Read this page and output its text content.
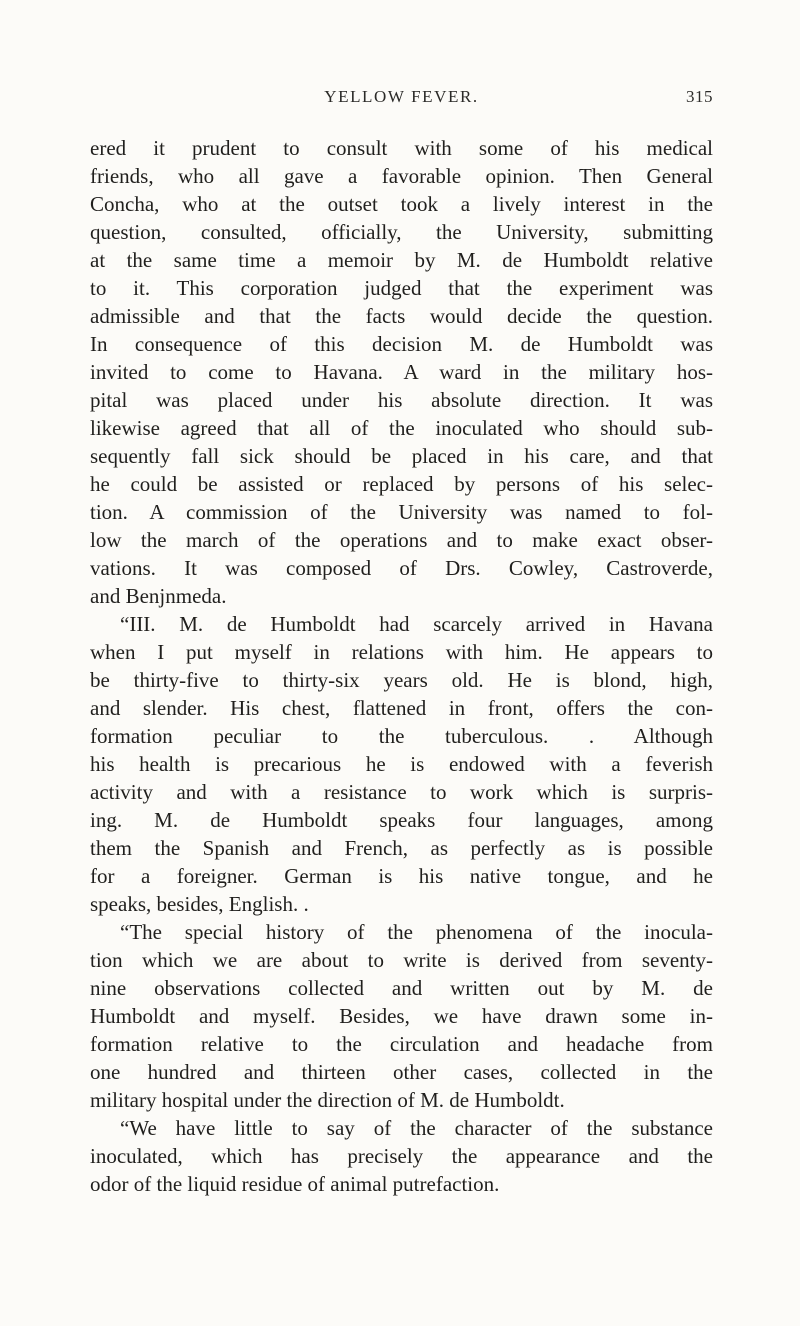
YELLOW FEVER.	315

ered it prudent to consult with some of his medical
friends, who all gave a favorable opinion. Then General
Concha, who at the outset took a lively interest in the
question, consulted, officially, the University, submitting
at the same time a memoir by M. de Humboldt relative
to it. This corporation judged that the experiment was
admissible and that the facts would decide the question.
In consequence of this decision M. de Humboldt was
invited to come to Havana. A ward in the military hos-
pital was placed under his absolute direction. It was
likewise agreed that all of the inoculated who should sub-
sequently fall sick should be placed in his care, and that
he could be assisted or replaced by persons of his selec-
tion. A commission of the University was named to fol-
low the march of the operations and to make exact obser-
vations. It was composed of Drs. Cowley, Castroverde,
and Benjnmeda.

“III. M. de Humboldt had scarcely arrived in Havana
when I put myself in relations with him. He appears to
be thirty-five to thirty-six years old. He is blond, high,
and slender. His chest, flattened in front, offers the con-
formation peculiar to the tuberculous. . Although
his health is precarious he is endowed with a feverish
activity and with a resistance to work which is surpris-
ing. M. de Humboldt speaks four languages, among
them the Spanish and French, as perfectly as is possible
for a foreigner. German is his native tongue, and he
speaks, besides, English. .

“The special history of the phenomena of the inocula-
tion which we are about to write is derived from seventy-
nine observations collected and written out by M. de
Humboldt and myself. Besides, we have drawn some in-
formation relative to the circulation and headache from
one hundred and thirteen other cases, collected in the
military hospital under the direction of M. de Humboldt.

“We have little to say of the character of the substance
inoculated, which has precisely the appearance and the
odor of the liquid residue of animal putrefaction.
